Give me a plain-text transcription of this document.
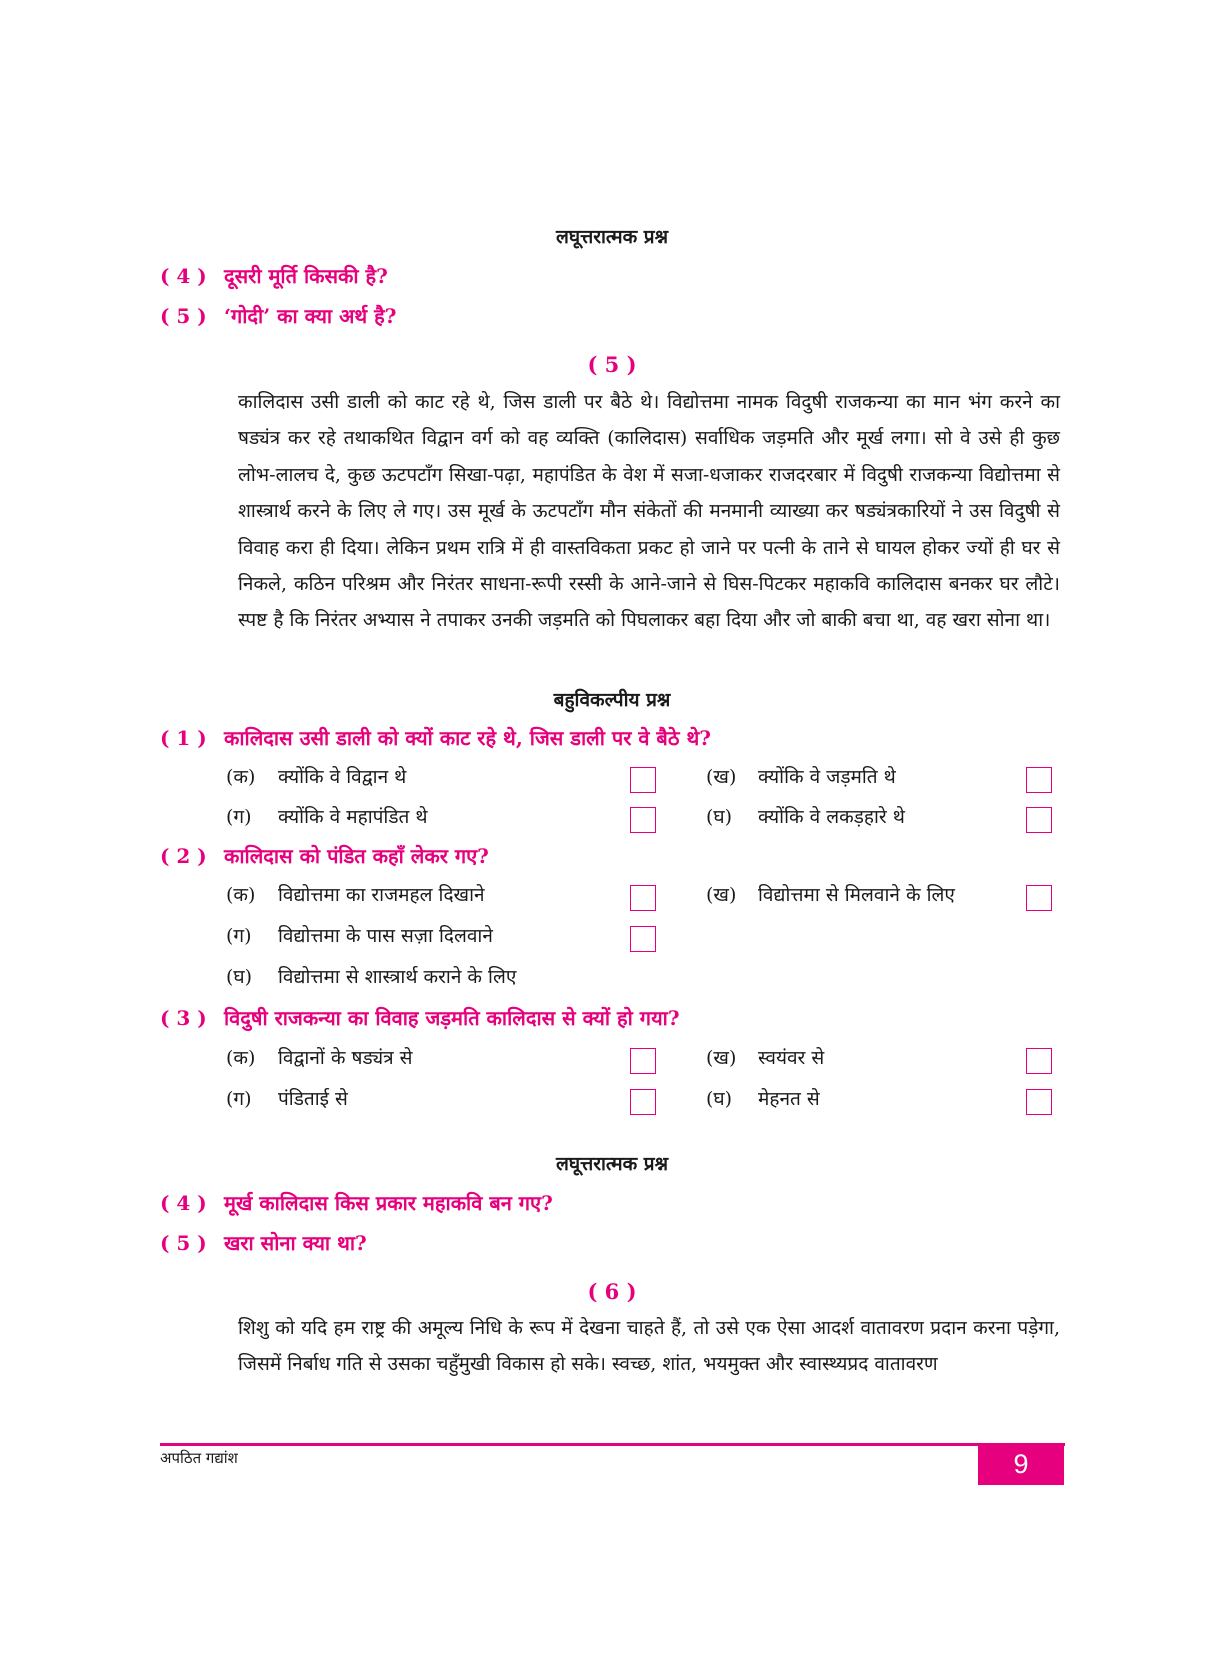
लघूत्तरात्मक प्रश्न
( 4 ) दूसरी मूर्ति किसकी है?
( 5 ) ‘गोदी’ का क्या अर्थ है?
( 5 )
कालिदास उसी डाली को काट रहे थे, जिस डाली पर बैठे थे। विद्योत्तमा नामक विदुषी राजकन्या का मान भंग करने का षड्यंत्र कर रहे तथाकथित विद्वान वर्ग को वह व्यक्ति (कालिदास) सर्वाधिक जड़मति और मूर्ख लगा। सो वे उसे ही कुछ लोभ-लालच दे, कुछ ऊटपटाँग सिखा-पढ़ा, महापंडित के वेश में सजा-धजाकर राजदरबार में विदुषी राजकन्या विद्योत्तमा से शास्त्रार्थ करने के लिए ले गए। उस मूर्ख के ऊटपटाँग मौन संकेतों की मनमानी व्याख्या कर षड्यंत्रकारियों ने उस विदुषी से विवाह करा ही दिया। लेकिन प्रथम रात्रि में ही वास्तविकता प्रकट हो जाने पर पत्नी के ताने से घायल होकर ज्यों ही घर से निकले, कठिन परिश्रम और निरंतर साधना-रूपी रस्सी के आने-जाने से घिस-पिटकर महाकवि कालिदास बनकर घर लौटे। स्पष्ट है कि निरंतर अभ्यास ने तपाकर उनकी जड़मति को पिघलाकर बहा दिया और जो बाकी बचा था, वह खरा सोना था।
बहुविकल्पीय प्रश्न
( 1 ) कालिदास उसी डाली को क्यों काट रहे थे, जिस डाली पर वे बैठे थे?
(क) क्योंकि वे विद्वान थे	(ख) क्योंकि वे जड़मति थे
(ग) क्योंकि वे महापंडित थे	(घ) क्योंकि वे लकड़हारे थे
( 2 ) कालिदास को पंडित कहाँ लेकर गए?
(क) विद्योत्तमा का राजमहल दिखाने	(ख) विद्योत्तमा से मिलवाने के लिए
(ग) विद्योत्तमा के पास सज़ा दिलवाने
(घ) विद्योत्तमा से शास्त्रार्थ कराने के लिए
( 3 ) विदुषी राजकन्या का विवाह जड़मति कालिदास से क्यों हो गया?
(क) विद्वानों के षड्यंत्र से	(ख) स्वयंवर से
(ग) पंडिताई से	(घ) मेहनत से
लघूत्तरात्मक प्रश्न
( 4 ) मूर्ख कालिदास किस प्रकार महाकवि बन गए?
( 5 ) खरा सोना क्या था?
( 6 )
शिशु को यदि हम राष्ट्र की अमूल्य निधि के रूप में देखना चाहते हैं, तो उसे एक ऐसा आदर्श वातावरण प्रदान करना पड़ेगा, जिसमें निर्बाध गति से उसका चहुँमुखी विकास हो सके। स्वच्छ, शांत, भयमुक्त और स्वास्थ्यप्रद वातावरण
अपठित गद्यांश	9
